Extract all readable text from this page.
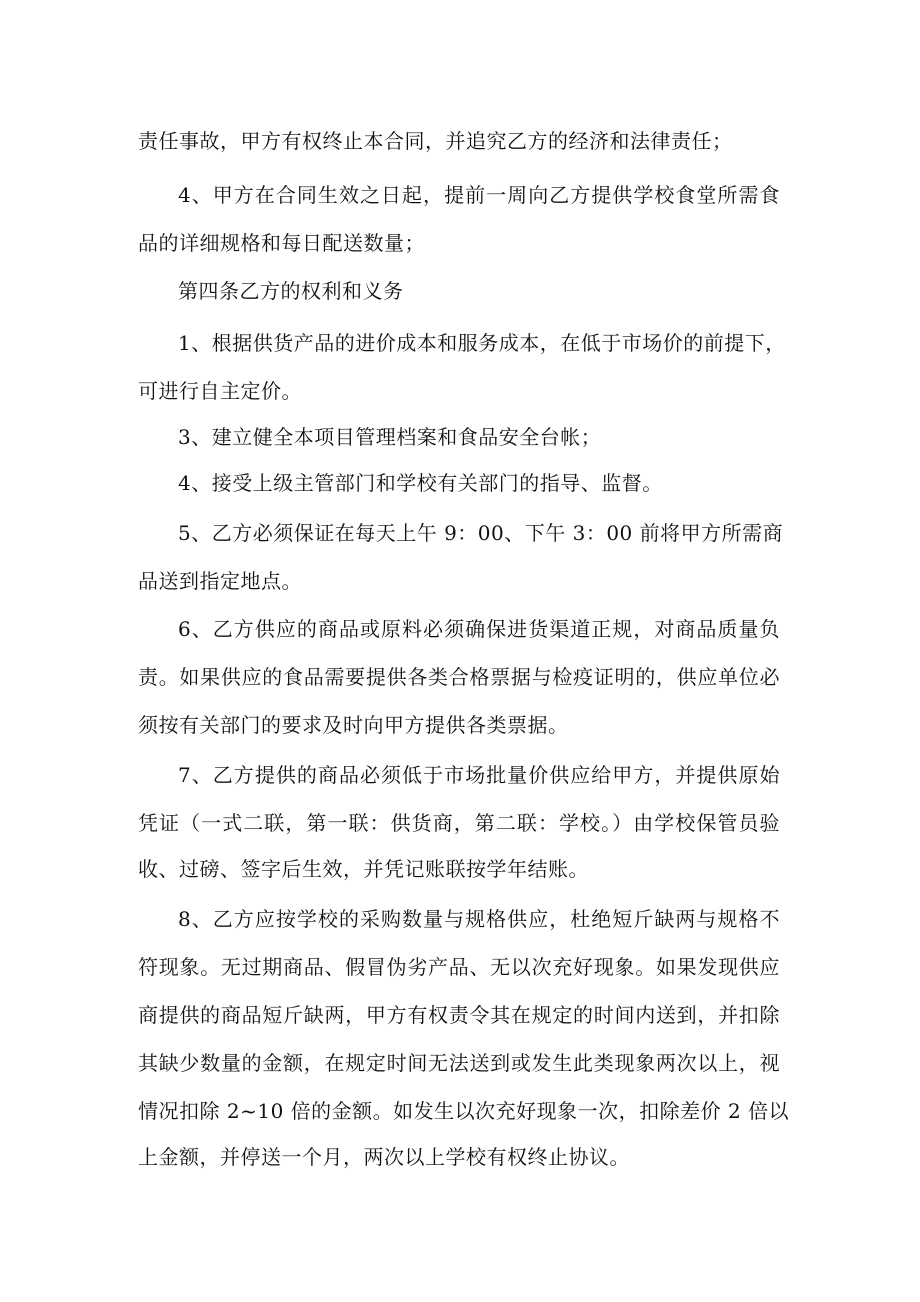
责任事故，甲方有权终止本合同，并追究乙方的经济和法律责任；

4、甲方在合同生效之日起，提前一周向乙方提供学校食堂所需食

品的详细规格和每日配送数量；

第四条乙方的权利和义务

1、根据供货产品的进价成本和服务成本，在低于市场价的前提下，

可进行自主定价。

3、建立健全本项目管理档案和食品安全台帐；

4、接受上级主管部门和学校有关部门的指导、监督。

5、乙方必须保证在每天上午 9：00、下午 3：00 前将甲方所需商

品送到指定地点。

6、乙方供应的商品或原料必须确保进货渠道正规，对商品质量负

责。如果供应的食品需要提供各类合格票据与检疫证明的，供应单位必

须按有关部门的要求及时向甲方提供各类票据。

7、乙方提供的商品必须低于市场批量价供应给甲方，并提供原始

凭证（一式二联，第一联：供货商，第二联：学校。）由学校保管员验

收、过磅、签字后生效，并凭记账联按学年结账。

8、乙方应按学校的采购数量与规格供应，杜绝短斤缺两与规格不

符现象。无过期商品、假冒伪劣产品、无以次充好现象。如果发现供应

商提供的商品短斤缺两，甲方有权责令其在规定的时间内送到，并扣除

其缺少数量的金额，在规定时间无法送到或发生此类现象两次以上，视

情况扣除 2~10 倍的金额。如发生以次充好现象一次，扣除差价 2 倍以

上金额，并停送一个月，两次以上学校有权终止协议。
